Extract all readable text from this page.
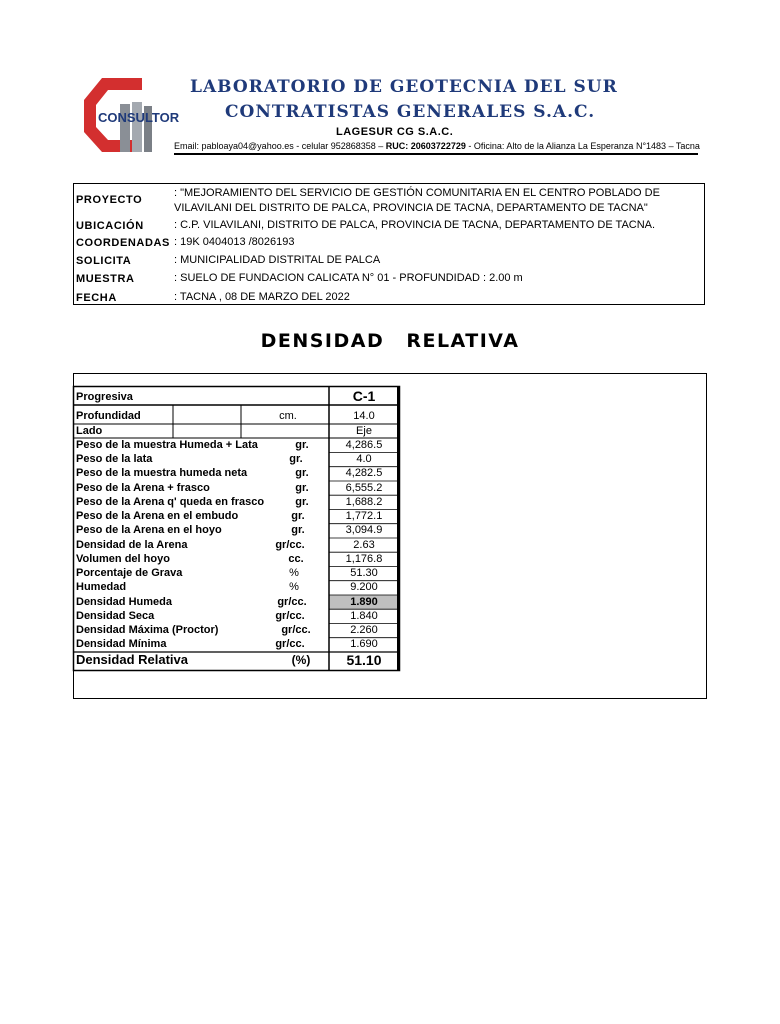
CONSULTOR
LABORATORIO DE GEOTECNIA DEL SUR
CONTRATISTAS GENERALES S.A.C.
LAGESUR CG S.A.C.
Email: pabloaya04@yahoo.es - celular 952868358 – RUC: 20603722729 - Oficina: Alto de la Alianza La Esperanza N°1483 – Tacna
PROYECTO
: "MEJORAMIENTO DEL SERVICIO DE GESTIÓN COMUNITARIA EN EL CENTRO POBLADO DE VILAVILANI DEL DISTRITO DE PALCA, PROVINCIA DE TACNA, DEPARTAMENTO DE TACNA"
UBICACIÓN	: C.P. VILAVILANI, DISTRITO DE PALCA, PROVINCIA DE TACNA, DEPARTAMENTO DE TACNA.
COORDENADAS : 19K 0404013 /8026193
SOLICITA	: MUNICIPALIDAD DISTRITAL DE PALCA
MUESTRA	: SUELO DE FUNDACION CALICATA N° 01 - PROFUNDIDAD : 2.00 m
FECHA	: TACNA , 08 DE MARZO DEL 2022
DENSIDAD RELATIVA
Progresiva	C-1
Profundidad	cm.	14.0
Lado	Eje
Peso de la muestra Humeda + Lata	gr.	4,286.5
Peso de la lata	gr.	4.0
Peso de la muestra humeda neta	gr.	4,282.5
Peso de la Arena + frasco	gr.	6,555.2
Peso de la Arena q' queda en frasco	gr.	1,688.2
Peso de la Arena en el embudo	gr.	1,772.1
Peso de la Arena en el hoyo	gr.	3,094.9
Densidad de la Arena	gr/cc.	2.63
Volumen del hoyo	cc.	1,176.8
Porcentaje de Grava	%	51.30
Humedad	%	9.200
Densidad Humeda	gr/cc.	1.890
Densidad Seca	gr/cc.	1.840
Densidad Máxima (Proctor)	gr/cc.	2.260
Densidad Mínima	gr/cc.	1.690
Densidad Relativa	(%)	51.10
